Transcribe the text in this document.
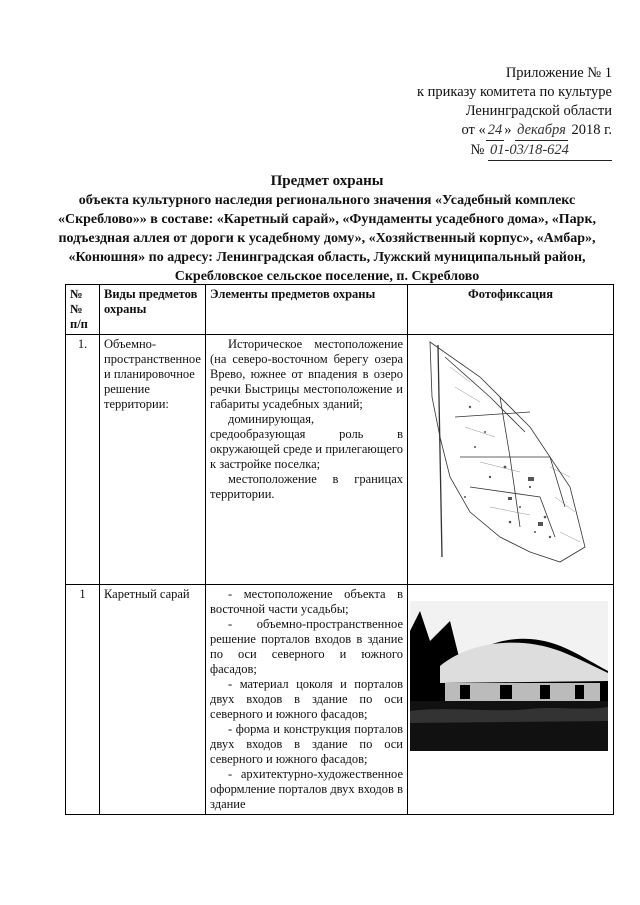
Приложение № 1
к приказу комитета по культуре
Ленинградской области
от « 24 » декабря 2018 г.
№ 01-03/18-624
Предмет охраны
объекта культурного наследия регионального значения «Усадебный комплекс «Скреблово»» в составе: «Каретный сарай», «Фундаменты усадебного дома», «Парк, подъездная аллея от дороги к усадебному дому», «Хозяйственный корпус», «Амбар», «Конюшня» по адресу: Ленинградская область, Лужский муниципальный район, Скребловское сельское поселение, п. Скреблово
№№ п/п	Виды предметов охраны	Элементы предметов охраны	Фотофиксация
1.	Объемно-пространственное и планировочное решение территории:	Историческое местоположение (на северо-восточном берегу озера Врево, южнее от впадения в озеро речки Быстрицы местоположение и габариты усадебных зданий;

доминирующая, средообразующая роль в окружающей среде и прилегающего к застройке поселка;

местоположение в границах территории.

1	Каретный сарай	- местоположение объекта в восточной части усадьбы;

- объемно-пространственное решение порталов входов в здание по оси северного и южного фасадов;

- материал цоколя и порталов двух входов в здание по оси северного и южного фасадов;

- форма и конструкция порталов двух входов в здание по оси северного и южного фасадов;

- архитектурно-художественное оформление порталов двух входов в здание
